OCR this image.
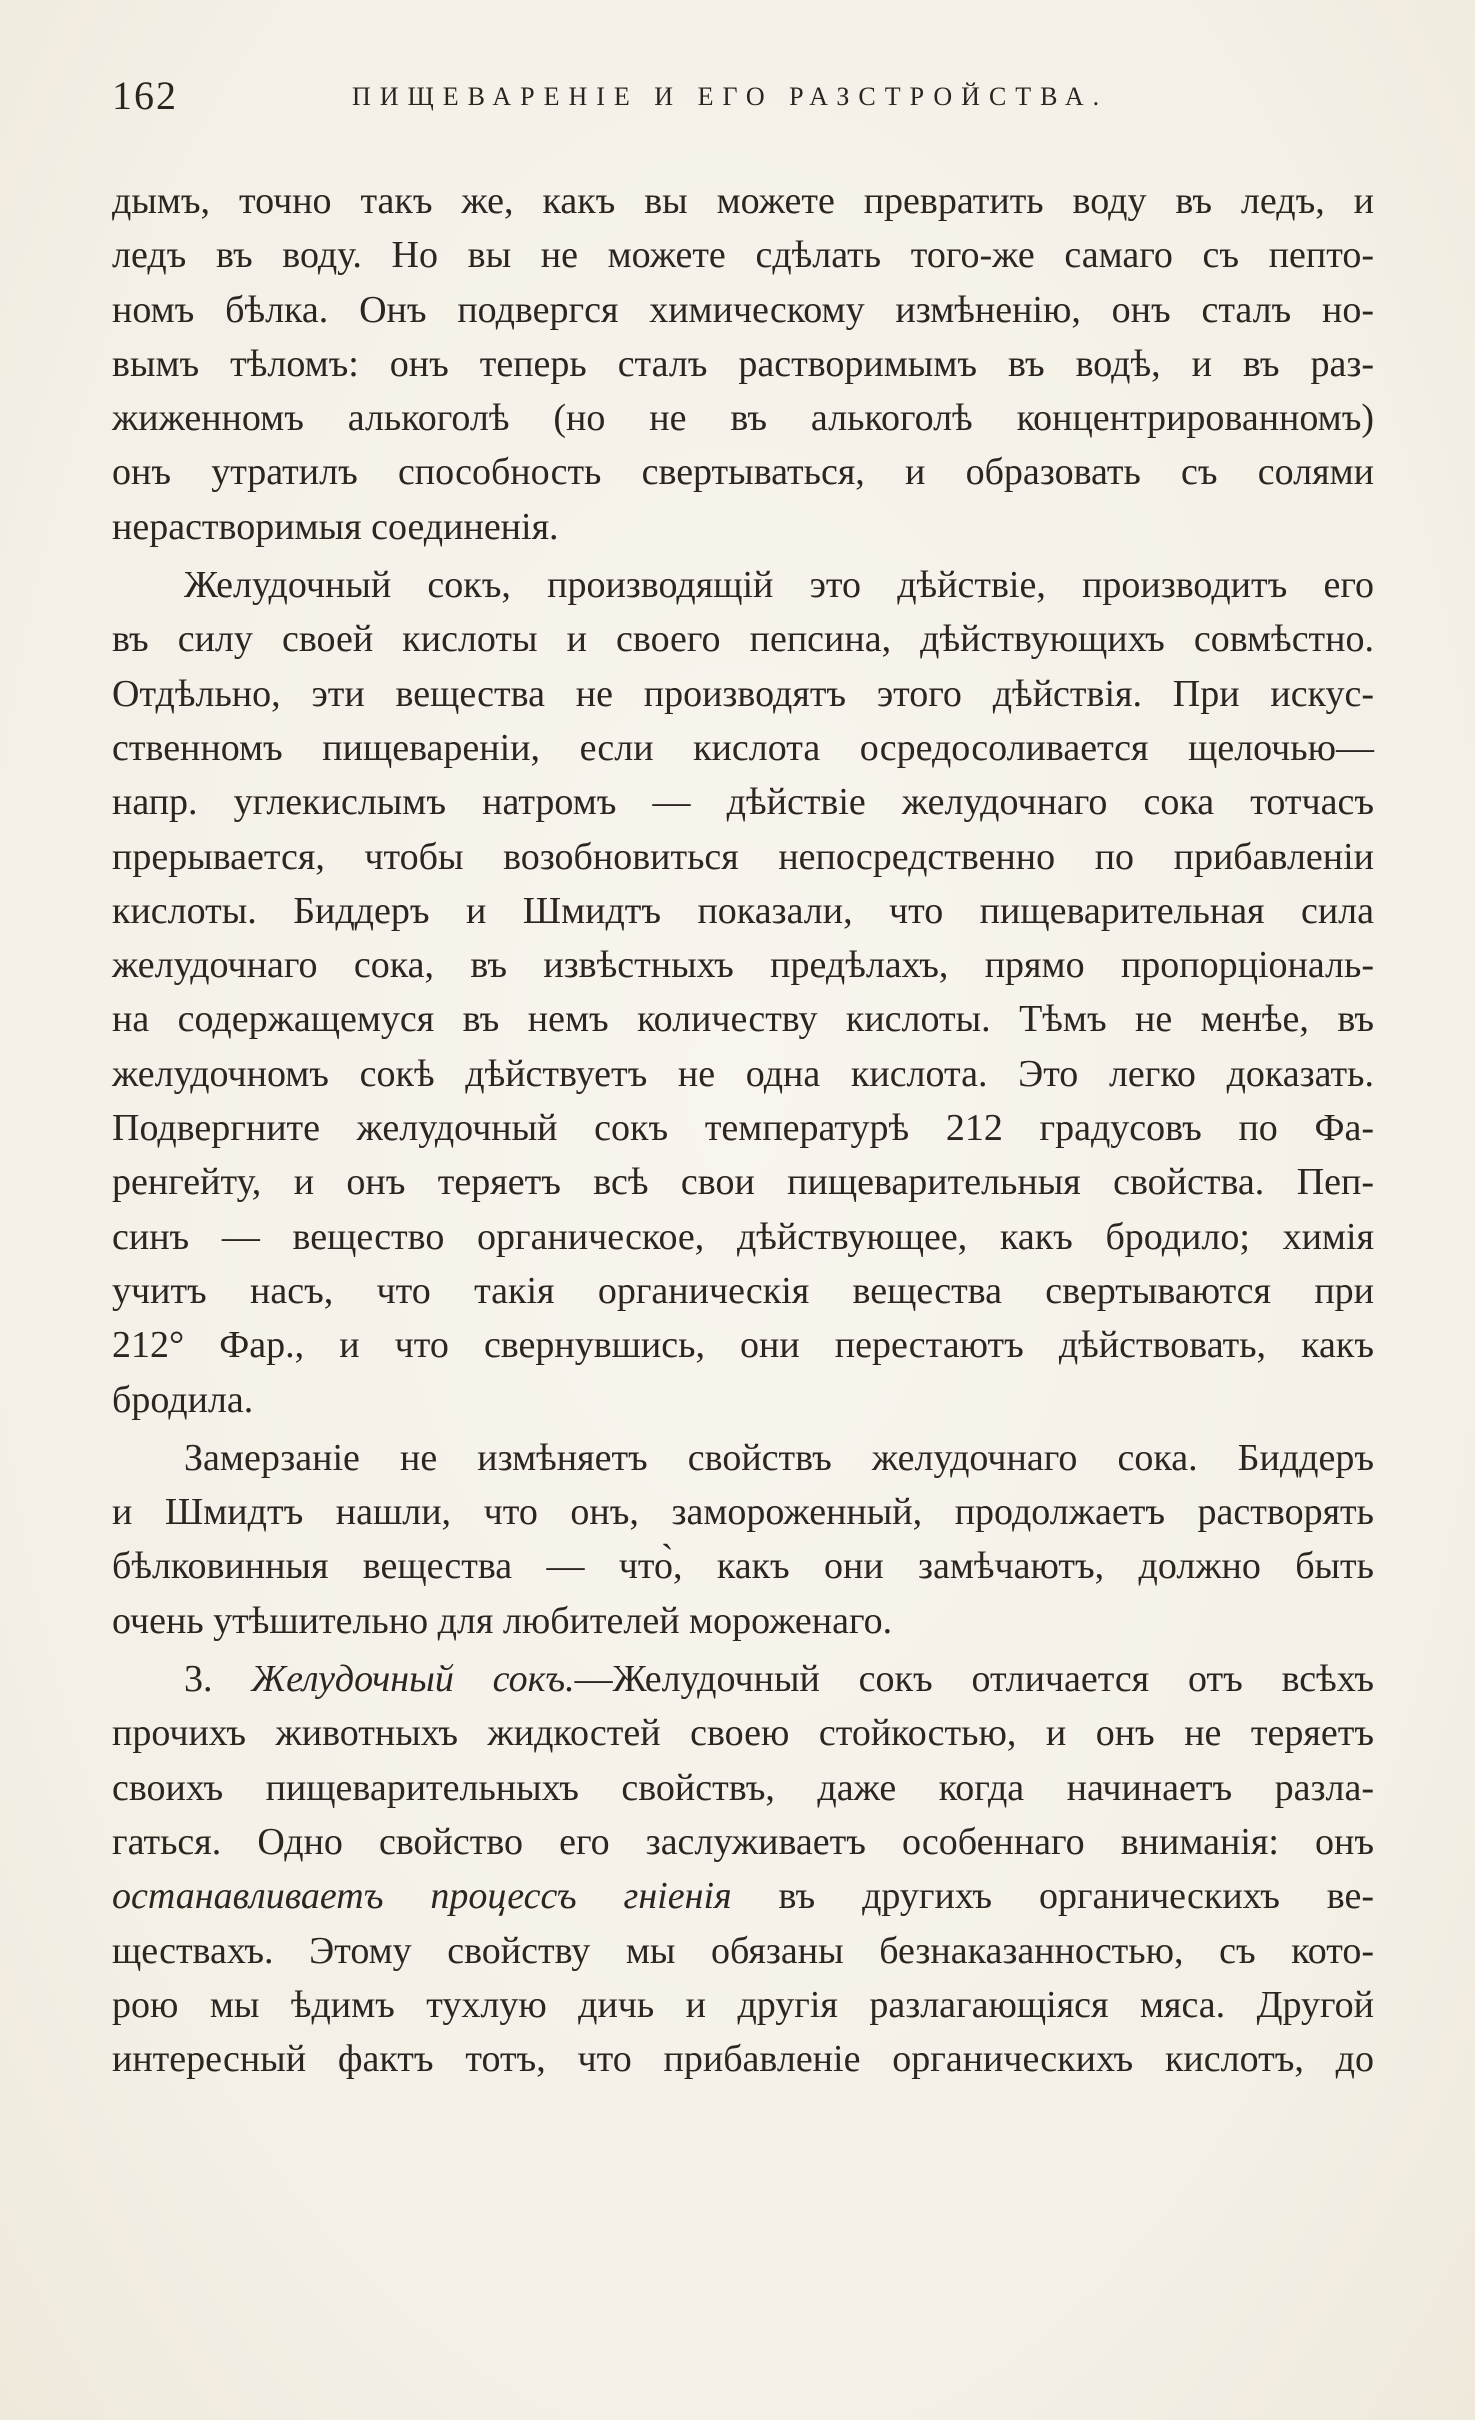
162	ПИЩЕВАРЕНІЕ И ЕГО РАЗСТРОЙСТВА.
дымъ, точно такъ же, какъ вы можете превратить воду въ ледъ, и
ледъ въ воду. Но вы не можете сдѣлать того-же самаго съ пепто-
номъ бѣлка. Онъ подвергся химическому измѣненію, онъ сталъ но-
вымъ тѣломъ: онъ теперь сталъ растворимымъ въ водѣ, и въ раз-
жиженномъ алькоголѣ (но не въ алькоголѣ концентрированномъ)
онъ утратилъ способность свертываться, и образовать съ солями
нерастворимыя соединенія.
Желудочный сокъ, производящій это дѣйствіе, производитъ его
въ силу своей кислоты и своего пепсина, дѣйствующихъ совмѣстно.
Отдѣльно, эти вещества не производятъ этого дѣйствія. При искус-
ственномъ пищевареніи, если кислота осредосоливается щелочью—
напр. углекислымъ натромъ — дѣйствіе желудочнаго сока тотчасъ
прерывается, чтобы возобновиться непосредственно по прибавленіи
кислоты. Биддеръ и Шмидтъ показали, что пищеварительная сила
желудочнаго сока, въ извѣстныхъ предѣлахъ, прямо пропорціональ-
на содержащемуся въ немъ количеству кислоты. Тѣмъ не менѣе, въ
желудочномъ сокѣ дѣйствуетъ не одна кислота. Это легко доказать.
Подвергните желудочный сокъ температурѣ 212 градусовъ по Фа-
ренгейту, и онъ теряетъ всѣ свои пищеварительныя свойства. Пеп-
синъ — вещество органическое, дѣйствующее, какъ бродило; химія
учитъ насъ, что такія органическія вещества свертываются при
212° Фар., и что свернувшись, они перестаютъ дѣйствовать, какъ
бродила.
Замерзаніе не измѣняетъ свойствъ желудочнаго сока. Биддеръ
и Шмидтъ нашли, что онъ, замороженный, продолжаетъ растворять
бѣлковинныя вещества — что̀, какъ они замѣчаютъ, должно быть
очень утѣшительно для любителей мороженаго.
3. Желудочный сокъ.—Желудочный сокъ отличается отъ всѣхъ
прочихъ животныхъ жидкостей своею стойкостью, и онъ не теряетъ
своихъ пищеварительныхъ свойствъ, даже когда начинаетъ разла-
гаться. Одно свойство его заслуживаетъ особеннаго вниманія: онъ
останавливаетъ процессъ гніенія въ другихъ органическихъ ве-
ществахъ. Этому свойству мы обязаны безнаказанностью, съ кото-
рою мы ѣдимъ тухлую дичь и другія разлагающіяся мяса. Другой
интересный фактъ тотъ, что прибавленіе органическихъ кислотъ, до
